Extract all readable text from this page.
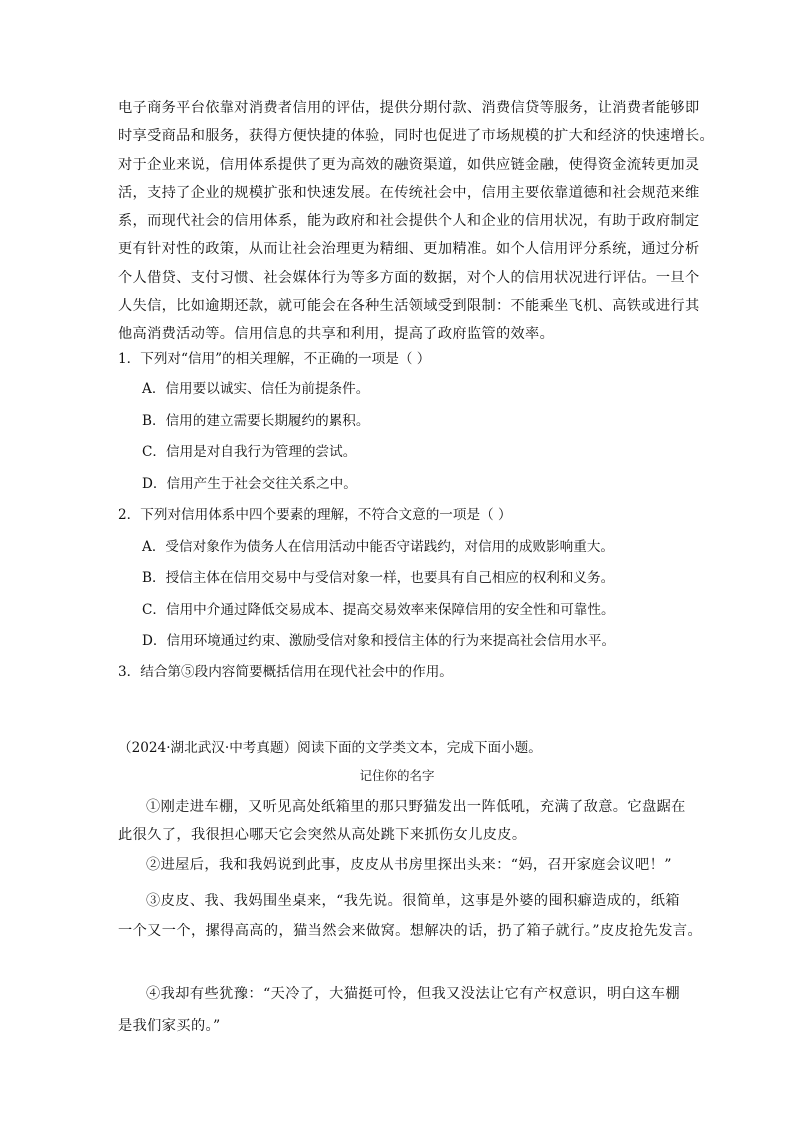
电子商务平台依靠对消费者信用的评估，提供分期付款、消费信贷等服务，让消费者能够即
时享受商品和服务，获得方便快捷的体验，同时也促进了市场规模的扩大和经济的快速增长。
对于企业来说，信用体系提供了更为高效的融资渠道，如供应链金融，使得资金流转更加灵
活，支持了企业的规模扩张和快速发展。在传统社会中，信用主要依靠道德和社会规范来维
系，而现代社会的信用体系，能为政府和社会提供个人和企业的信用状况，有助于政府制定
更有针对性的政策，从而让社会治理更为精细、更加精准。如个人信用评分系统，通过分析
个人借贷、支付习惯、社会媒体行为等多方面的数据，对个人的信用状况进行评估。一旦个
人失信，比如逾期还款，就可能会在各种生活领域受到限制：不能乘坐飞机、高铁或进行其
他高消费活动等。信用信息的共享和利用，提高了政府监管的效率。
1．下列对“信用”的相关理解，不正确的一项是（ ）
A．信用要以诚实、信任为前提条件。
B．信用的建立需要长期履约的累积。
C．信用是对自我行为管理的尝试。
D．信用产生于社会交往关系之中。
2．下列对信用体系中四个要素的理解，不符合文意的一项是（ ）
A．受信对象作为债务人在信用活动中能否守诺践约，对信用的成败影响重大。
B．授信主体在信用交易中与受信对象一样，也要具有自己相应的权利和义务。
C．信用中介通过降低交易成本、提高交易效率来保障信用的安全性和可靠性。
D．信用环境通过约束、激励受信对象和授信主体的行为来提高社会信用水平。
3．结合第⑤段内容简要概括信用在现代社会中的作用。
（2024·湖北武汉·中考真题）阅读下面的文学类文本，完成下面小题。
记住你的名字
①刚走进车棚，又听见高处纸箱里的那只野猫发出一阵低吼，充满了敌意。它盘踞在
此很久了，我很担心哪天它会突然从高处跳下来抓伤女儿皮皮。
②进屋后，我和我妈说到此事，皮皮从书房里探出头来：“妈，召开家庭会议吧！”
③皮皮、我、我妈围坐桌来，“我先说。很简单，这事是外婆的囤积癖造成的，纸箱
一个又一个，摞得高高的，猫当然会来做窝。想解决的话，扔了箱子就行。”皮皮抢先发言。
④我却有些犹豫：“天冷了，大猫挺可怜，但我又没法让它有产权意识，明白这车棚
是我们家买的。”
